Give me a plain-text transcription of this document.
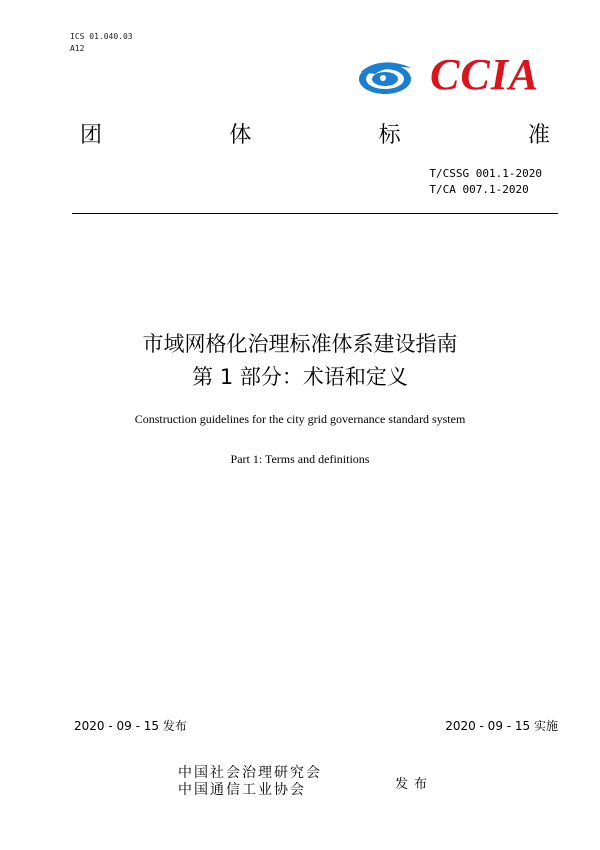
ICS 01.040.03
A12
CCIA
团	体	标	准
T/CSSG 001.1-2020
T/CA 007.1-2020
市域网格化治理标准体系建设指南
第 1 部分：术语和定义
Construction guidelines for the city grid governance standard system
Part 1: Terms and definitions
2020 - 09 - 15 发布	2020 - 09 - 15 实施
中国社会治理研究会
中国通信工业协会	发布
